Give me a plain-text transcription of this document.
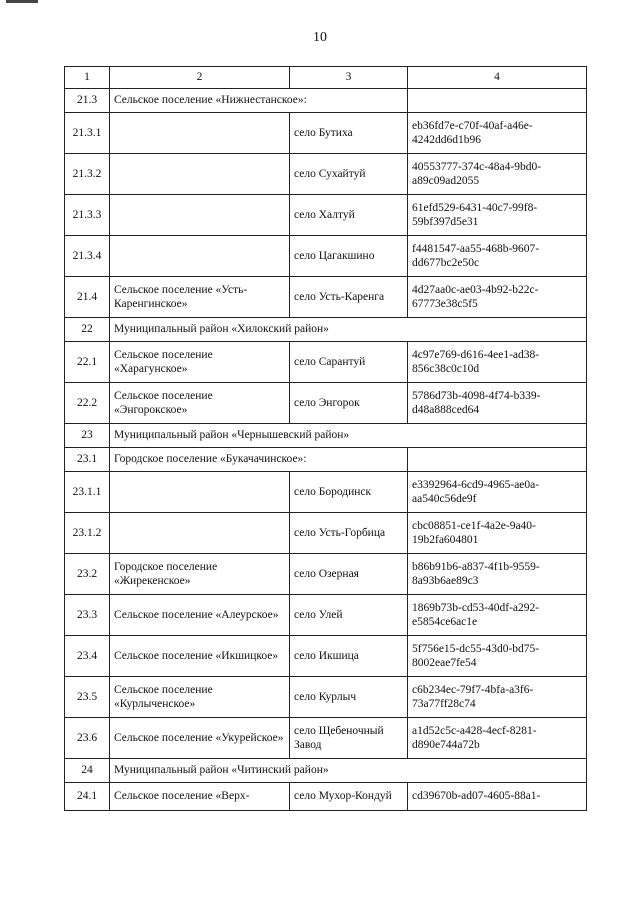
10
1	2	3	4
21.3	Сельское поселение «Нижнестанское»:		
21.3.1		село Бутиха	eb36fd7e-c70f-40af-a46e-4242dd6d1b96
21.3.2		село Сухайтуй	40553777-374c-48a4-9bd0-a89c09ad2055
21.3.3		село Халтуй	61efd529-6431-40c7-99f8-59bf397d5e31
21.3.4		село Цагакшино	f4481547-aa55-468b-9607-dd677bc2e50c
21.4	Сельское поселение «Усть-Каренгинское»	село Усть-Каренга	4d27aa0c-ae03-4b92-b22c-67773e38c5f5
22	Муниципальный район «Хилокский район»		
22.1	Сельское поселение «Харагунское»	село Сарантуй	4c97e769-d616-4ee1-ad38-856c38c0c10d
22.2	Сельское поселение «Энгорокское»	село Энгорок	5786d73b-4098-4f74-b339-d48a888ced64
23	Муниципальный район «Чернышевский район»		
23.1	Городское поселение «Букачачинское»:		
23.1.1		село Бородинск	e3392964-6cd9-4965-ae0a-aa540c56de9f
23.1.2		село Усть-Горбица	cbc08851-ce1f-4a2e-9a40-19b2fa604801
23.2	Городское поселение «Жирекенское»	село Озерная	b86b91b6-a837-4f1b-9559-8a93b6ae89c3
23.3	Сельское поселение «Алеурское»	село Улей	1869b73b-cd53-40df-a292-e5854ce6ac1e
23.4	Сельское поселение «Икшицкое»	село Икшица	5f756e15-dc55-43d0-bd75-8002eae7fe54
23.5	Сельское поселение «Курлыченское»	село Курлыч	c6b234ec-79f7-4bfa-a3f6-73a77ff28c74
23.6	Сельское поселение «Укурейское»	село Щебеночный Завод	a1d52c5c-a428-4ecf-8281-d890e744a72b
24	Муниципальный район «Читинский район»		
24.1	Сельское поселение «Верх-	село Мухор-Кондуй	cd39670b-ad07-4605-88a1-
